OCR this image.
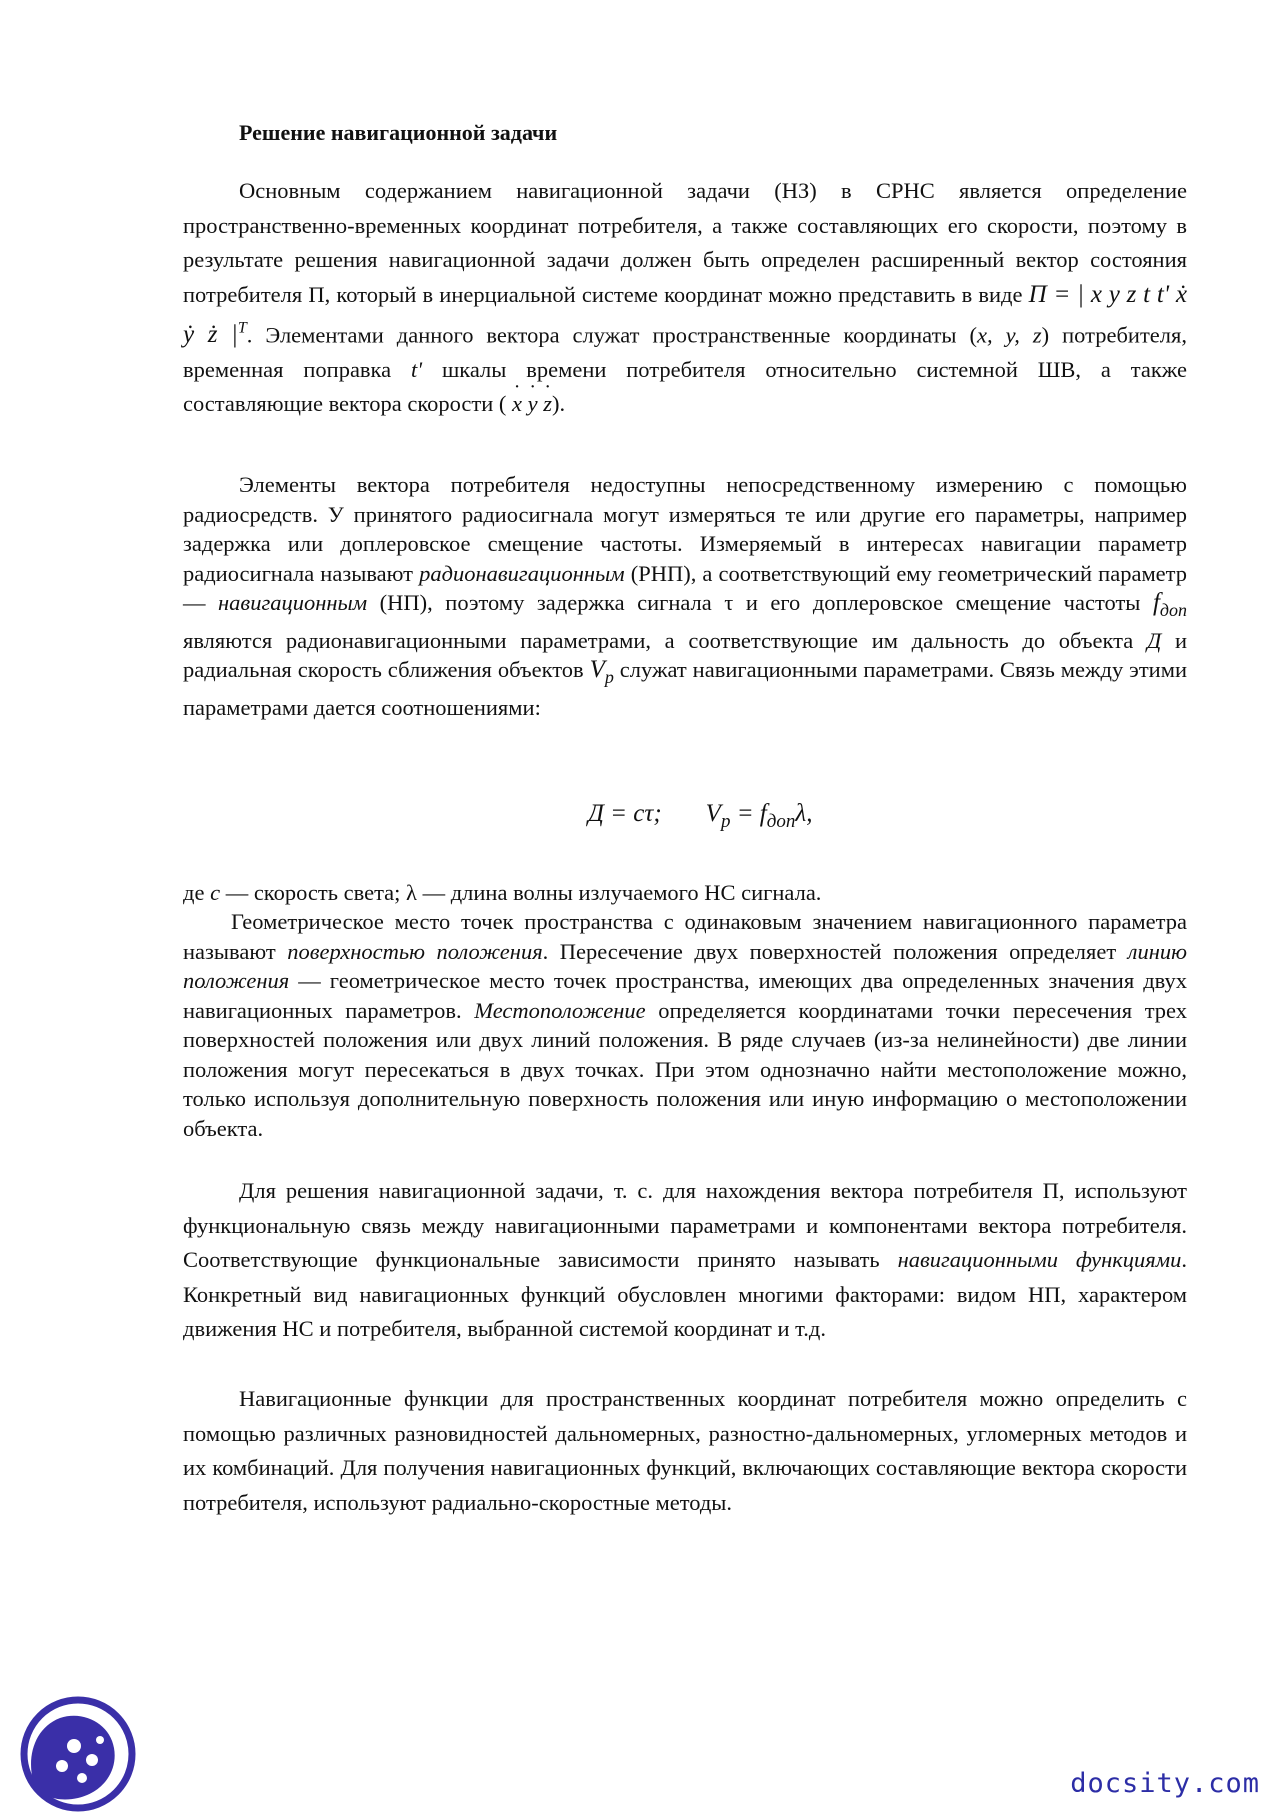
Решение навигационной задачи

Основным содержанием навигационной задачи (НЗ) в СРНС является определение пространственно-временных координат потребителя, а также составляющих его скорости, поэтому в результате решения навигационной задачи должен быть определен расширенный вектор состояния потребителя П, который в инерциальной системе координат можно представить в виде П = | x y z t t' ẋ ẏ ż $|^T$. Элементами данного вектора служат пространственные координаты (x, y, z) потребителя, временная поправка t' шкалы времени потребителя относительно системной ШВ, а также составляющие вектора скорости ( x ˙ y ˙ z ˙).

Элементы вектора потребителя недоступны непосредственному измерению с помощью радиосредств. У принятого радиосигнала могут измеряться те или другие его параметры, например задержка или доплеровское смещение частоты. Измеряемый в интересах навигации параметр радиосигнала называют радионавигационным (РНП), а соответствующий ему геометрический параметр — навигационным (НП), поэтому задержка сигнала τ и его доплеровское смещение частоты $f_{доп}$ являются радионавигационными параметрами, а соответствующие им дальность до объекта Д и радиальная скорость сближения объектов $V_р$ служат навигационными параметрами. Связь между этими параметрами дается соотношениями:

Д = cτ; $V_р = f_{доп}\lambda$,

де c — скорость света; λ — длина волны излучаемого НС сигнала.

Геометрическое место точек пространства с одинаковым значением навигационного параметра называют поверхностью положения. Пересечение двух поверхностей положения определяет линию положения — геометрическое место точек пространства, имеющих два определенных значения двух навигационных параметров. Местоположение определяется координатами точки пересечения трех поверхностей положения или двух линий положения. В ряде случаев (из-за нелинейности) две линии положения могут пересекаться в двух точках. При этом однозначно найти местоположение можно, только используя дополнительную поверхность положения или иную информацию о местоположении объекта.

Для решения навигационной задачи, т. с. для нахождения вектора потребителя П, используют функциональную связь между навигационными параметрами и компонентами вектора потребителя. Соответствующие функциональные зависимости принято называть навигационными функциями. Конкретный вид навигационных функций обусловлен многими факторами: видом НП, характером движения НС и потребителя, выбранной системой координат и т.д.

Навигационные функции для пространственных координат потребителя можно определить с помощью различных разновидностей дальномерных, разностно-дальномерных, угломерных методов и их комбинаций. Для получения навигационных функций, включающих составляющие вектора скорости потребителя, используют радиально-скоростные методы.

docsity.com
